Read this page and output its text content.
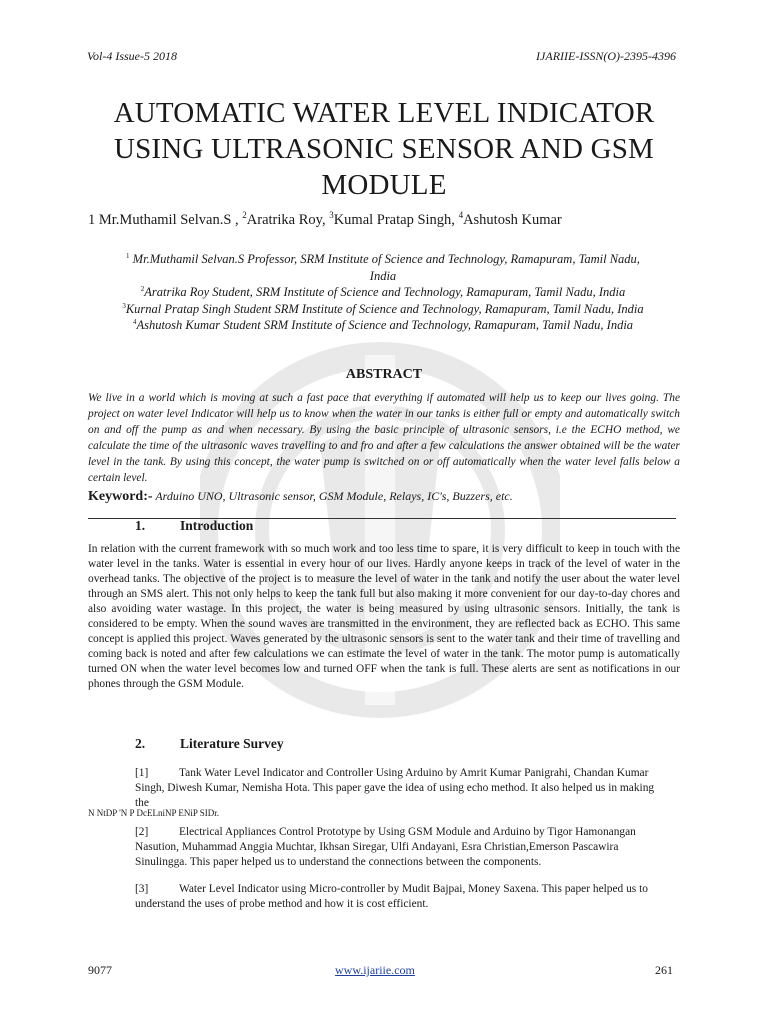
Vol-4 Issue-5 2018	IJARIIE-ISSN(O)-2395-4396
AUTOMATIC WATER LEVEL INDICATOR
USING ULTRASONIC SENSOR AND GSM
MODULE
1 Mr.Muthamil Selvan.S , $^2$Aratrika Roy, $^3$Kumal Pratap Singh, $^4$Ashutosh Kumar
$^1$ Mr.Muthamil Selvan.S Professor, SRM Institute of Science and Technology, Ramapuram, Tamil Nadu,
India
$^2$Aratrika Roy Student, SRM Institute of Science and Technology, Ramapuram, Tamil Nadu, India
$^3$Kurnal Pratap Singh Student SRM Institute of Science and Technology, Ramapuram, Tamil Nadu, India
$^4$Ashutosh Kumar Student SRM Institute of Science and Technology, Ramapuram, Tamil Nadu, India
ABSTRACT
We live in a world which is moving at such a fast pace that everything if automated will help us to keep our lives going. The project on water level Indicator will help us to know when the water in our tanks is either full or empty and automatically switch on and off the pump as and when necessary. By using the basic principle of ultrasonic sensors, i.e the ECHO method, we calculate the time of the ultrasonic waves travelling to and fro and after a few calculations the answer obtained will be the water level in the tank. By using this concept, the water pump is switched on or off automatically when the water level falls below a certain level.
Keyword:- Arduino UNO, Ultrasonic sensor, GSM Module, Relays, IC's, Buzzers, etc.
1.	Introduction
In relation with the current framework with so much work and too less time to spare, it is very difficult to keep in touch with the water level in the tanks. Water is essential in every hour of our lives. Hardly anyone keeps in track of the level of water in the overhead tanks. The objective of the project is to measure the level of water in the tank and notify the user about the water level through an SMS alert. This not only helps to keep the tank full but also making it more convenient for our day-to-day chores and also avoiding water wastage. In this project, the water is being measured by using ultrasonic sensors. Initially, the tank is considered to be empty. When the sound waves are transmitted in the environment, they are reflected back as ECHO. This same concept is applied this project. Waves generated by the ultrasonic sensors is sent to the water tank and their time of travelling and coming back is noted and after few calculations we can estimate the level of water in the tank. The motor pump is automatically turned ON when the water level becomes low and turned OFF when the tank is full. These alerts are sent as notifications in our phones through the GSM Module.
2.	Literature Survey
[1]	Tank Water Level Indicator and Controller Using Arduino by Amrit Kumar Panigrahi, Chandan Kumar Singh, Diwesh Kumar, Nemisha Hota. This paper gave the idea of using echo method. It also helped us in making the
N NtDP 'N P DcELniNP ENiP SIDr.
[2]	Electrical Appliances Control Prototype by Using GSM Module and Arduino by Tigor Hamonangan Nasution, Muhammad Anggia Muchtar, Ikhsan Siregar, Ulfi Andayani, Esra Christian,Emerson Pascawira Sinulingga. This paper helped us to understand the connections between the components.
[3]	Water Level Indicator using Micro-controller by Mudit Bajpai, Money Saxena. This paper helped us to understand the uses of probe method and how it is cost efficient.
9077	www.ijariie.com	261
